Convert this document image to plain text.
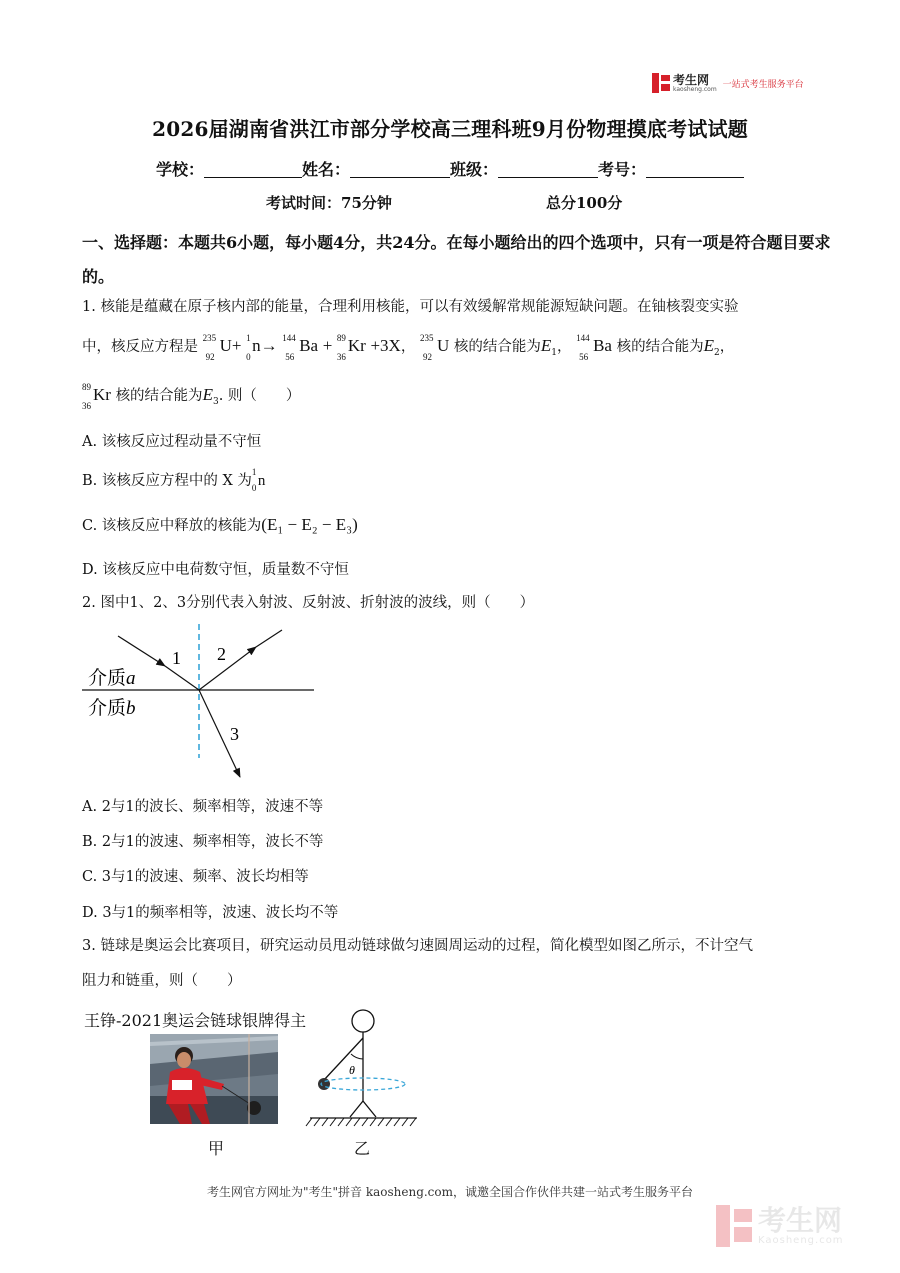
考生网
kaosheng.com 一站式考生服务平台
2026届湖南省洪江市部分学校高三理科班9月份物理摸底考试试题
学校：	姓名：	班级：	考号：
考试时间：75分钟	总分100分
一、选择题：本题共6小题，每小题4分，共24分。在每小题给出的四个选项中，只有一项是符合题目要求的。
1. 核能是蕴藏在原子核内部的能量，合理利用核能，可以有效缓解常规能源短缺问题。在铀核裂变实验
中，核反应方程是
235
92
U+ 1
0
n→ 144
56
Ba + 89
36
Kr +3X，
235
92
U 核的结合能为$E_1$，
144
56
Ba 核的结合能为$E_2$，
89
36
Kr 核的结合能为$E_3$. 则（　　）
A. 该核反应过程动量不守恒
B. 该核反应方程中的 X 为
1
0 n
C. 该核反应中释放的核能为(E₁ − E₂ − E₃)
D. 该核反应中电荷数守恒，质量数不守恒
2. 图中1、2、3分别代表入射波、反射波、折射波的波线，则（　　）
1 2
3
介质a
介质b
A. 2与1的波长、频率相等，波速不等
B. 2与1的波速、频率相等，波长不等
C. 3与1的波速、频率、波长均相等
D. 3与1的频率相等，波速、波长均不等
3. 链球是奥运会比赛项目，研究运动员甩动链球做匀速圆周运动的过程，简化模型如图乙所示，不计空气
阻力和链重，则（　　）
王铮-2021奥运会链球银牌得主
甲
θ
乙
考生网官方网址为"考生"拼音 kaosheng.com，诚邀全国合作伙伴共建一站式考生服务平台
考生网
Kaosheng.com
